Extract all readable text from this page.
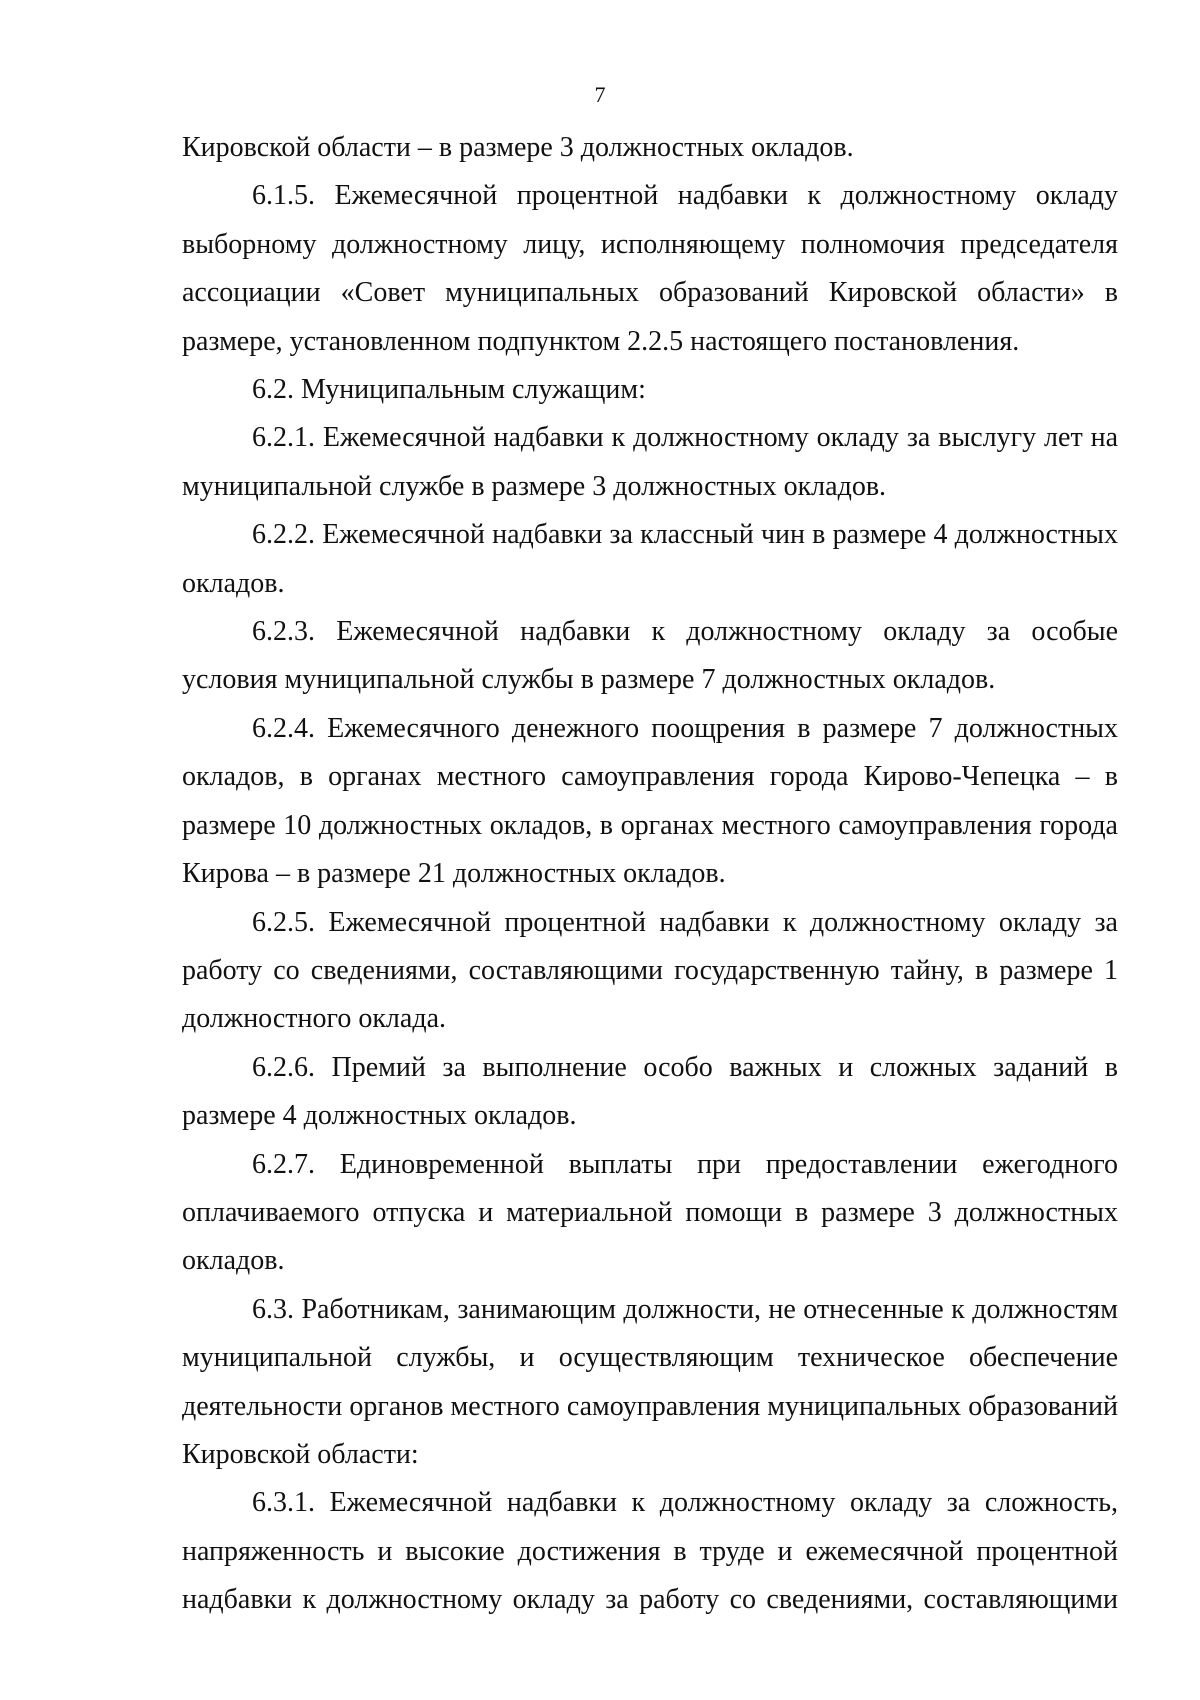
7

Кировской области – в размере 3 должностных окладов.

6.1.5. Ежемесячной процентной надбавки к должностному окладу выборному должностному лицу, исполняющему полномочия председателя ассоциации «Совет муниципальных образований Кировской области» в размере, установленном подпунктом 2.2.5 настоящего постановления.

6.2. Муниципальным служащим:

6.2.1. Ежемесячной надбавки к должностному окладу за выслугу лет на муниципальной службе в размере 3 должностных окладов.

6.2.2. Ежемесячной надбавки за классный чин в размере 4 должностных окладов.

6.2.3. Ежемесячной надбавки к должностному окладу за особые условия муниципальной службы в размере 7 должностных окладов.

6.2.4. Ежемесячного денежного поощрения в размере 7 должностных окладов, в органах местного самоуправления города Кирово-Чепецка – в размере 10 должностных окладов, в органах местного самоуправления города Кирова – в размере 21 должностных окладов.

6.2.5. Ежемесячной процентной надбавки к должностному окладу за работу со сведениями, составляющими государственную тайну, в размере 1 должностного оклада.

6.2.6. Премий за выполнение особо важных и сложных заданий в размере 4 должностных окладов.

6.2.7. Единовременной выплаты при предоставлении ежегодного оплачиваемого отпуска и материальной помощи в размере 3 должностных окладов.

6.3. Работникам, занимающим должности, не отнесенные к должностям муниципальной службы, и осуществляющим техническое обеспечение деятельности органов местного самоуправления муниципальных образований Кировской области:

6.3.1. Ежемесячной надбавки к должностному окладу за сложность, напряженность и высокие достижения в труде и ежемесячной процентной надбавки к должностному окладу за работу со сведениями, составляющими
